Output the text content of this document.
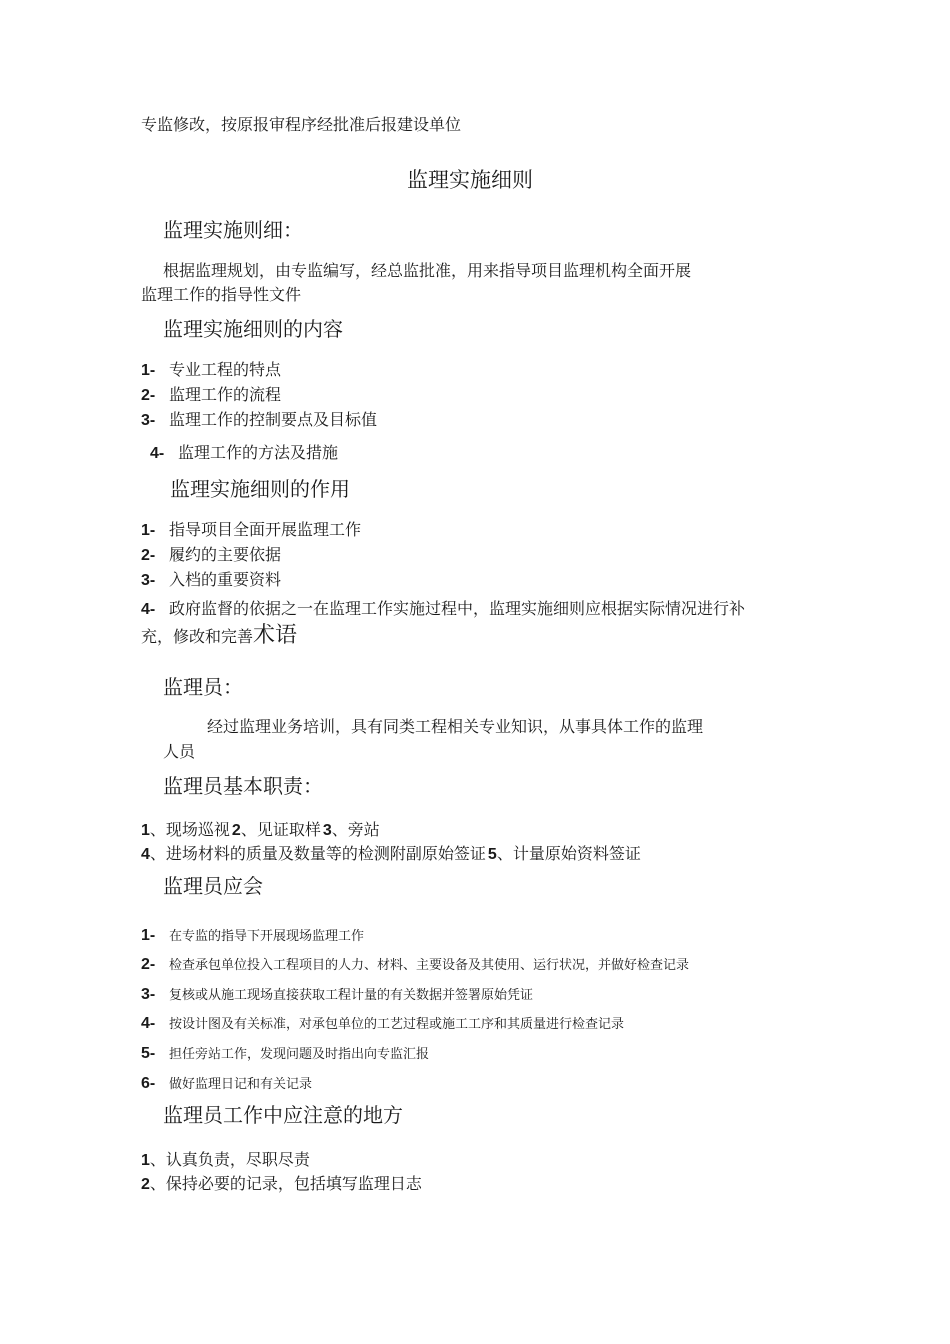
专监修改，按原报审程序经批准后报建设单位
监理实施细则
监理实施则细：
根据监理规划，由专监编写，经总监批准，用来指导项目监理机构全面开展
监理工作的指导性文件
监理实施细则的内容
1- 专业工程的特点
2- 监理工作的流程
3- 监理工作的控制要点及目标值
4- 监理工作的方法及措施
监理实施细则的作用
1- 指导项目全面开展监理工作
2- 履约的主要依据
3- 入档的重要资料
4- 政府监督的依据之一在监理工作实施过程中，监理实施细则应根据实际情况进行补
充，修改和完善术语
监理员：
经过监理业务培训，具有同类工程相关专业知识，从事具体工作的监理
人员
监理员基本职责：
1、现场巡视 2、见证取样 3、旁站
4、进场材料的质量及数量等的检测附副原始签证 5、计量原始资料签证
监理员应会
1- 在专监的指导下开展现场监理工作
2- 检查承包单位投入工程项目的人力、材料、主要设备及其使用、运行状况，并做好检查记录
3- 复核或从施工现场直接获取工程计量的有关数据并签署原始凭证
4- 按设计图及有关标准，对承包单位的工艺过程或施工工序和其质量进行检查记录
5- 担任旁站工作，发现问题及时指出向专监汇报
6- 做好监理日记和有关记录
监理员工作中应注意的地方
1、认真负责，尽职尽责
2、保持必要的记录，包括填写监理日志
